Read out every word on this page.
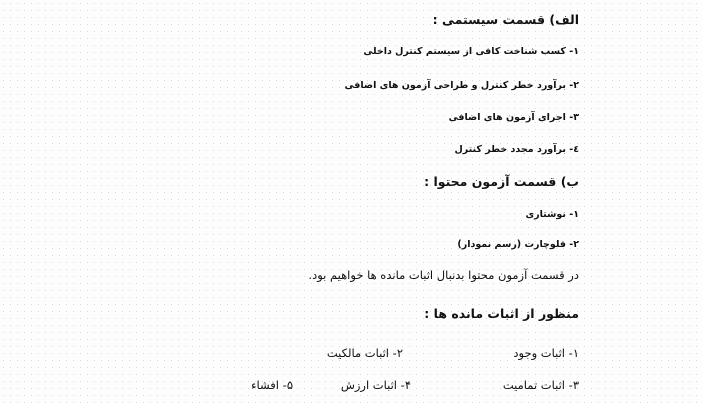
الف) قسمت سیستمی :
۱- کسب شناخت کافی از سیستم کنترل داخلی
۲- برآورد خطر کنترل و طراحی آزمون های اضافی
۳- اجرای آزمون های اضافی
٤- برآورد مجدد خطر کنترل
ب) قسمت آزمون محتوا :
۱- نوشتاری
۲- فلوچارت (رسم نمودار)
در قسمت آزمون محتوا بدنبال اثبات مانده ها خواهیم بود.
منظور از اثبات مانده ها :
۱- اثبات وجود
۲- اثبات مالکیت
۳- اثبات تمامیت
۴- اثبات ارزش
۵- افشاء
